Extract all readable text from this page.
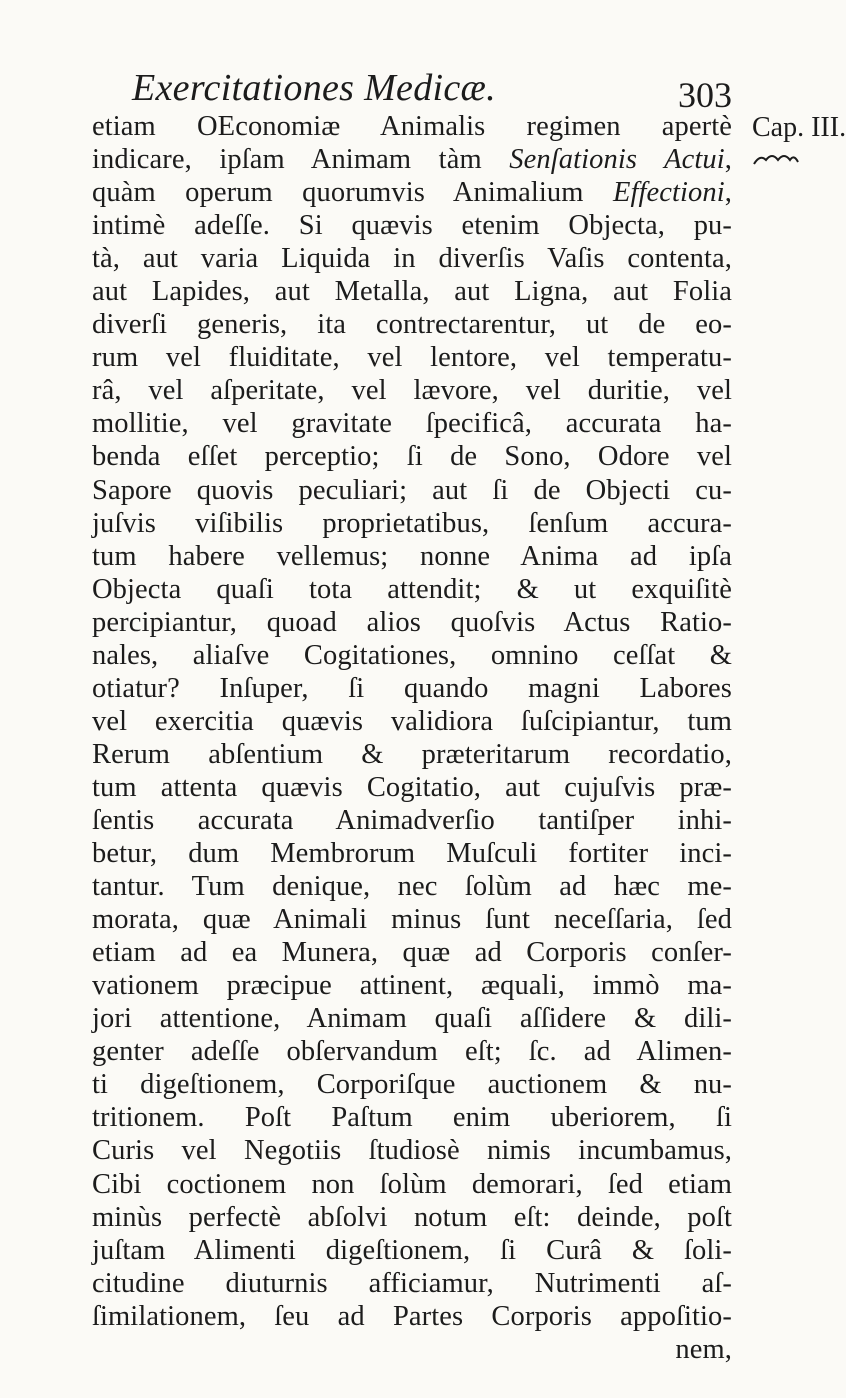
Exercitationes Medicæ.	303
Cap. III.
etiam OEconomiæ Animalis regimen apertè
indicare, ipſam Animam tàm Senſationis Actui,
quàm operum quorumvis Animalium Effectioni,
intimè adeſſe. Si quævis etenim Objecta, pu-
tà, aut varia Liquida in diverſis Vaſis contenta,
aut Lapides, aut Metalla, aut Ligna, aut Folia
diverſi generis, ita contrectarentur, ut de eo-
rum vel fluiditate, vel lentore, vel temperatu-
râ, vel aſperitate, vel lævore, vel duritie, vel
mollitie, vel gravitate ſpecificâ, accurata ha-
benda eſſet perceptio; ſi de Sono, Odore vel
Sapore quovis peculiari; aut ſi de Objecti cu-
juſvis viſibilis proprietatibus, ſenſum accura-
tum habere vellemus; nonne Anima ad ipſa
Objecta quaſi tota attendit; & ut exquiſitè
percipiantur, quoad alios quoſvis Actus Ratio-
nales, aliaſve Cogitationes, omnino ceſſat &
otiatur? Inſuper, ſi quando magni Labores
vel exercitia quævis validiora ſuſcipiantur, tum
Rerum abſentium & præteritarum recordatio,
tum attenta quævis Cogitatio, aut cujuſvis præ-
ſentis accurata Animadverſio tantiſper inhi-
betur, dum Membrorum Muſculi fortiter inci-
tantur. Tum denique, nec ſolùm ad hæc me-
morata, quæ Animali minus ſunt neceſſaria, ſed
etiam ad ea Munera, quæ ad Corporis conſer-
vationem præcipue attinent, æquali, immò ma-
jori attentione, Animam quaſi aſſidere & dili-
genter adeſſe obſervandum eſt; ſc. ad Alimen-
ti digeſtionem, Corporiſque auctionem & nu-
tritionem. Poſt Paſtum enim uberiorem, ſi
Curis vel Negotiis ſtudiosè nimis incumbamus,
Cibi coctionem non ſolùm demorari, ſed etiam
minùs perfectè abſolvi notum eſt: deinde, poſt
juſtam Alimenti digeſtionem, ſi Curâ & ſoli-
citudine diuturnis afficiamur, Nutrimenti aſ-
ſimilationem, ſeu ad Partes Corporis appoſitio-
nem,
